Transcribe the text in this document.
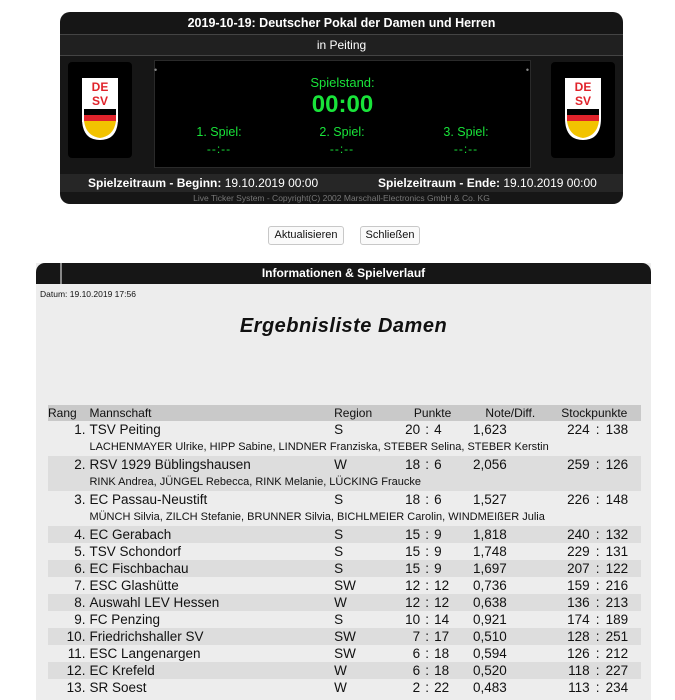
2019-10-19: Deutscher Pokal der Damen und Herren
in Peiting
DE
SV
DE
SV
•	•
Spielstand:
00:00
1. Spiel:
--:--
2. Spiel:
--:--
3. Spiel:
--:--
Spielzeitraum - Beginn: 19.10.2019 00:00	Spielzeitraum - Ende: 19.10.2019 00:00
Live Ticker System - Copyright(C) 2002 Marschall-Electronics GmbH & Co. KG
Aktualisieren	Schließen
Informationen & Spielverlauf
Datum: 19.10.2019 17:56
Ergebnisliste Damen
Rang	Mannschaft	Region	Punkte	Note/Diff.	Stockpunkte
1.	TSV Peiting	S	20 : 4	1,623	224 : 138
	LACHENMAYER Ulrike, HIPP Sabine, LINDNER Franziska, STEBER Selina, STEBER Kerstin				
2.	RSV 1929 Büblingshausen	W	18 : 6	2,056	259 : 126
	RINK Andrea, JÜNGEL Rebecca, RINK Melanie, LÜCKING Fraucke				
3.	EC Passau-Neustift	S	18 : 6	1,527	226 : 148
	MÜNCH Silvia, ZILCH Stefanie, BRUNNER Silvia, BICHLMEIER Carolin, WINDMEIßER Julia				
4.	EC Gerabach	S	15 : 9	1,818	240 : 132
5.	TSV Schondorf	S	15 : 9	1,748	229 : 131
6.	EC Fischbachau	S	15 : 9	1,697	207 : 122
7.	ESC Glashütte	SW	12 : 12	0,736	159 : 216
8.	Auswahl LEV Hessen	W	12 : 12	0,638	136 : 213
9.	FC Penzing	S	10 : 14	0,921	174 : 189
10.	Friedrichshaller SV	SW	7 : 17	0,510	128 : 251
11.	ESC Langenargen	SW	6 : 18	0,594	126 : 212
12.	EC Krefeld	W	6 : 18	0,520	118 : 227
13.	SR Soest	W	2 : 22	0,483	113 : 234
